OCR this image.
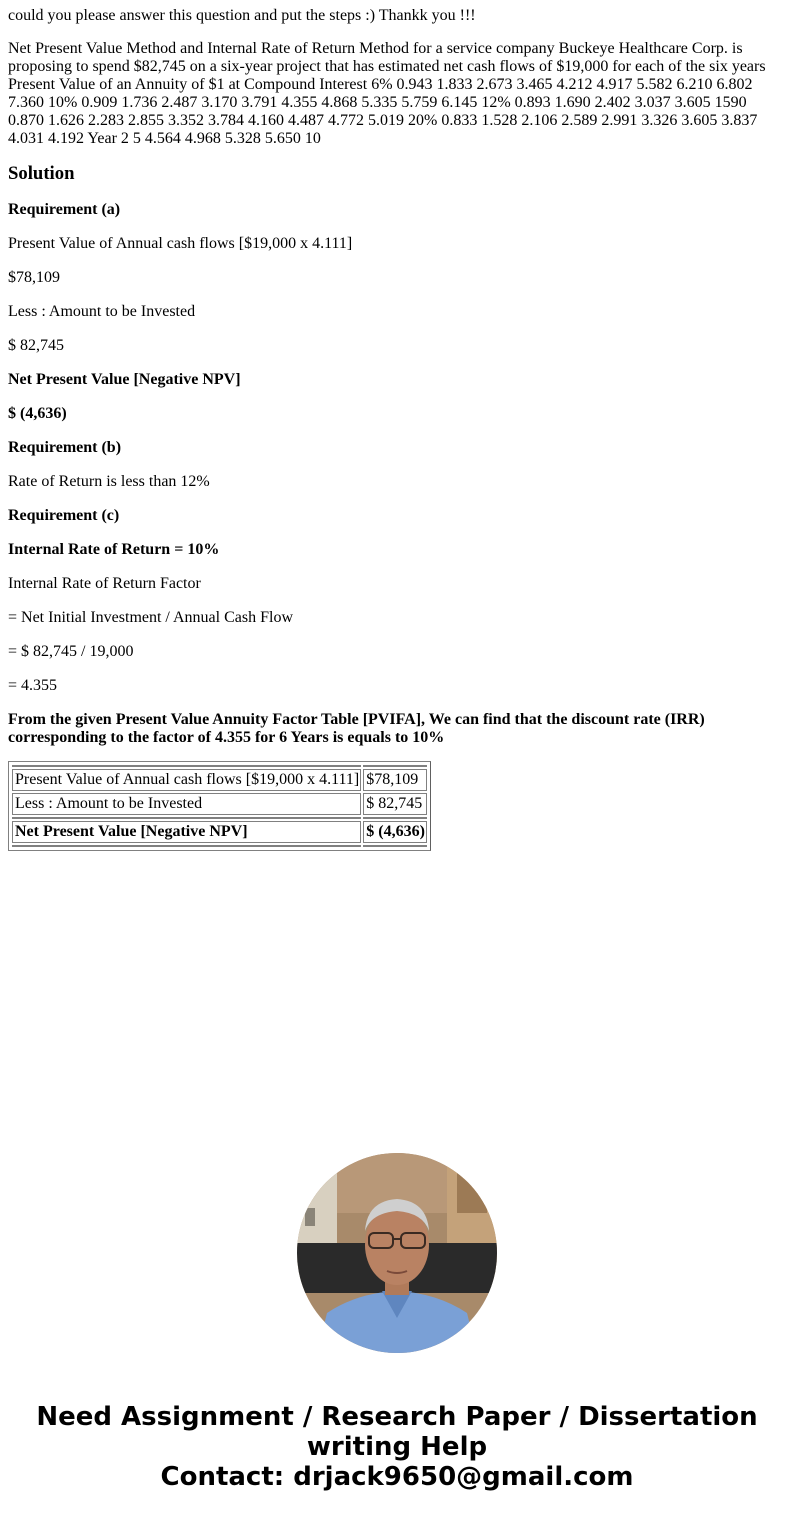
could you please answer this question and put the steps :) Thankk you !!!

Net Present Value Method and Internal Rate of Return Method for a service company Buckeye Healthcare Corp. is proposing to spend $82,745 on a six-year project that has estimated net cash flows of $19,000 for each of the six years Present Value of an Annuity of $1 at Compound Interest 6% 0.943 1.833 2.673 3.465 4.212 4.917 5.582 6.210 6.802 7.360 10% 0.909 1.736 2.487 3.170 3.791 4.355 4.868 5.335 5.759 6.145 12% 0.893 1.690 2.402 3.037 3.605 1590 0.870 1.626 2.283 2.855 3.352 3.784 4.160 4.487 4.772 5.019 20% 0.833 1.528 2.106 2.589 2.991 3.326 3.605 3.837 4.031 4.192 Year 2 5 4.564 4.968 5.328 5.650 10

Solution

Requirement (a)

Present Value of Annual cash flows [$19,000 x 4.111]

$78,109

Less : Amount to be Invested

$ 82,745

Net Present Value [Negative NPV]

$ (4,636)

Requirement (b)

Rate of Return is less than 12%

Requirement (c)

Internal Rate of Return = 10%

Internal Rate of Return Factor

= Net Initial Investment / Annual Cash Flow

= $ 82,745 / 19,000

= 4.355

From the given Present Value Annuity Factor Table [PVIFA], We can find that the discount rate (IRR) corresponding to the factor of 4.355 for 6 Years is equals to 10%

Present Value of Annual cash flows [$19,000 x 4.111]	$78,109
Less : Amount to be Invested	$ 82,745

Net Present Value [Negative NPV]	$ (4,636)

Need Assignment / Research Paper / Dissertation
writing Help
Contact: drjack9650@gmail.com
